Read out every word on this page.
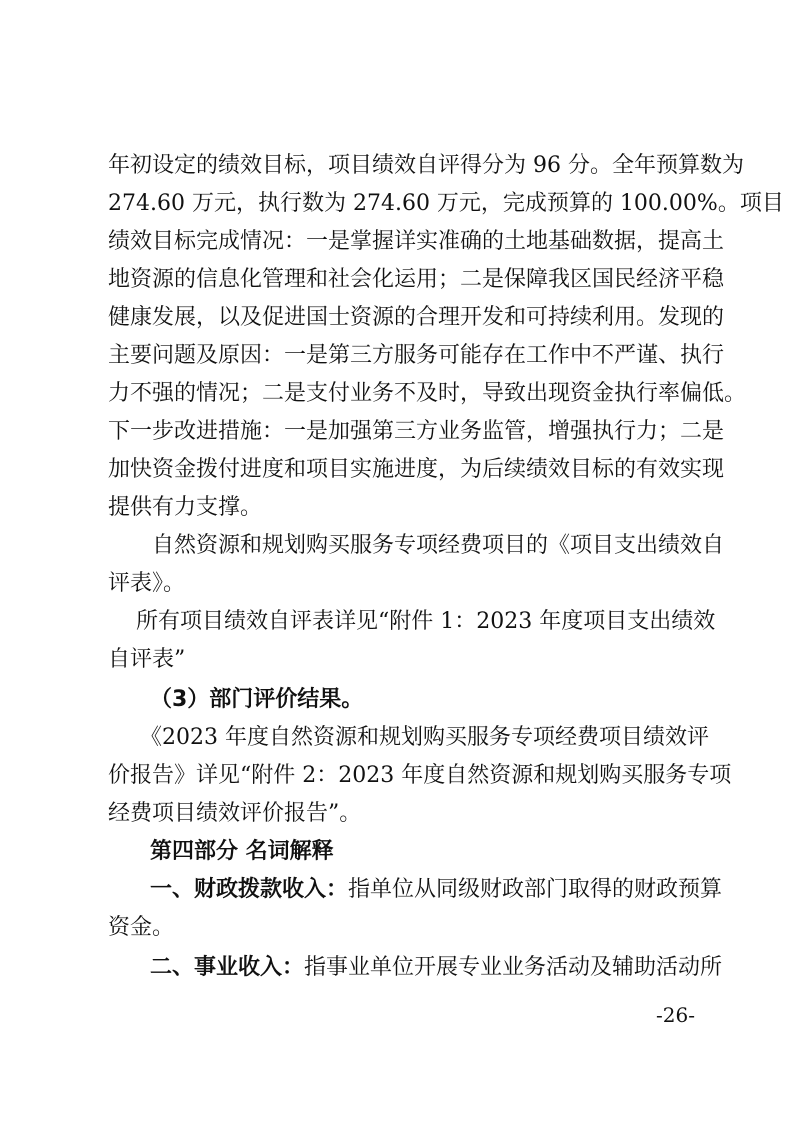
年初设定的绩效目标，项目绩效自评得分为 96 分。全年预算数为
274.60 万元，执行数为 274.60 万元，完成预算的 100.00%。项目
绩效目标完成情况：一是掌握详实准确的土地基础数据，提高土
地资源的信息化管理和社会化运用；二是保障我区国民经济平稳
健康发展，以及促进国士资源的合理开发和可持续利用。发现的
主要问题及原因：一是第三方服务可能存在工作中不严谨、执行
力不强的情况；二是支付业务不及时，导致出现资金执行率偏低。
下一步改进措施：一是加强第三方业务监管，增强执行力；二是
加快资金拨付进度和项目实施进度，为后续绩效目标的有效实现
提供有力支撑。
自然资源和规划购买服务专项经费项目的《项目支出绩效自
评表》。
所有项目绩效自评表详见“附件 1：2023 年度项目支出绩效
自评表”
（3）部门评价结果。
《2023 年度自然资源和规划购买服务专项经费项目绩效评
价报告》详见“附件 2：2023 年度自然资源和规划购买服务专项
经费项目绩效评价报告”。
第四部分 名词解释
一、财政拨款收入：指单位从同级财政部门取得的财政预算
资金。
二、事业收入：指事业单位开展专业业务活动及辅助活动所
-26-
